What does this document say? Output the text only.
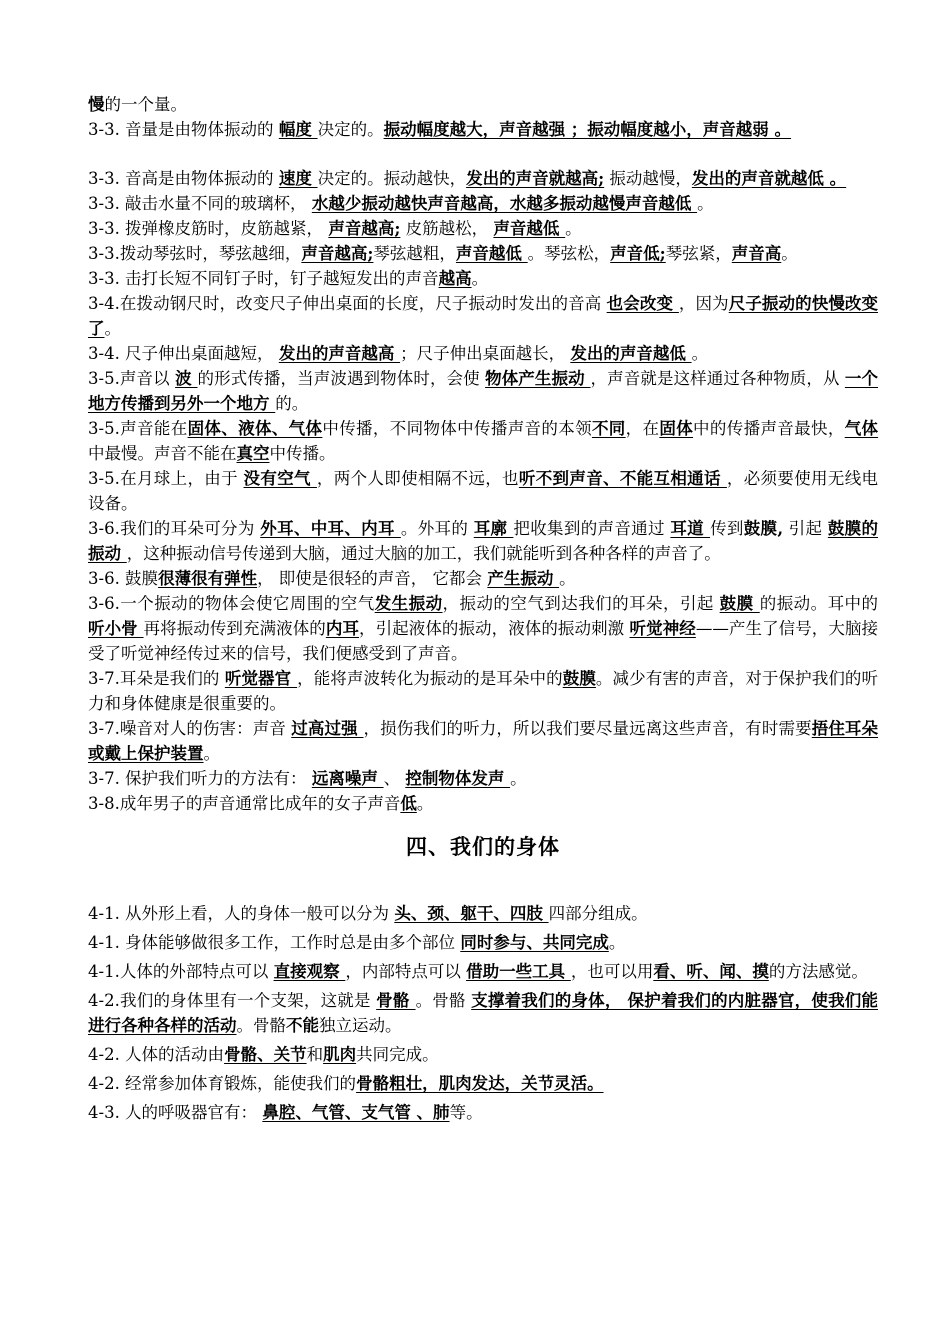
慢的一个量。

3-3. 音量是由物体振动的 幅度 决定的。振动幅度越大，声音越强 ；振动幅度越小，声音越弱 。

3-3. 音高是由物体振动的 速度 决定的。振动越快，发出的声音就越高; 振动越慢，发出的声音就越低 。

3-3. 敲击水量不同的玻璃杯， 水越少振动越快声音越高，水越多振动越慢声音越低 。

3-3. 拨弹橡皮筋时，皮筋越紧， 声音越高; 皮筋越松， 声音越低 。

3-3.拨动琴弦时，琴弦越细，声音越高;琴弦越粗，声音越低 。琴弦松，声音低;琴弦紧，声音高。

3-3. 击打长短不同钉子时，钉子越短发出的声音越高。

3-4.在拨动钢尺时，改变尺子伸出桌面的长度，尺子振动时发出的音高 也会改变 ，因为尺子振动的快慢改变了。

3-4. 尺子伸出桌面越短， 发出的声音越高 ；尺子伸出桌面越长， 发出的声音越低 。

3-5.声音以 波 的形式传播，当声波遇到物体时，会使 物体产生振动 ，声音就是这样通过各种物质，从 一个地方传播到另外一个地方 的。

3-5.声音能在固体、液体、气体中传播，不同物体中传播声音的本领不同，在固体中的传播声音最快，气体中最慢。声音不能在真空中传播。

3-5.在月球上，由于 没有空气 ，两个人即使相隔不远，也听不到声音、不能互相通话 ，必须要使用无线电设备。

3-6.我们的耳朵可分为 外耳、中耳、内耳 。外耳的 耳廓 把收集到的声音通过 耳道 传到鼓膜, 引起 鼓膜的振动 ，这种振动信号传递到大脑，通过大脑的加工，我们就能听到各种各样的声音了。

3-6. 鼓膜很薄很有弹性， 即使是很轻的声音， 它都会 产生振动 。

3-6.一个振动的物体会使它周围的空气发生振动，振动的空气到达我们的耳朵，引起 鼓膜 的振动。耳中的 听小骨 再将振动传到充满液体的内耳，引起液体的振动，液体的振动刺激 听觉神经——产生了信号，大脑接受了听觉神经传过来的信号，我们便感受到了声音。

3-7.耳朵是我们的 听觉器官 ，能将声波转化为振动的是耳朵中的鼓膜。减少有害的声音，对于保护我们的听力和身体健康是很重要的。

3-7.噪音对人的伤害：声音 过高过强 ，损伤我们的听力，所以我们要尽量远离这些声音，有时需要捂住耳朵或戴上保护装置。

3-7. 保护我们听力的方法有： 远离噪声 、 控制物体发声 。

3-8.成年男子的声音通常比成年的女子声音低。

四、我们的身体

4-1. 从外形上看，人的身体一般可以分为 头、颈、躯干、四肢 四部分组成。

4-1. 身体能够做很多工作，工作时总是由多个部位 同时参与、共同完成。

4-1.人体的外部特点可以 直接观察 ，内部特点可以 借助一些工具 ，也可以用看、听、闻、摸的方法感觉。

4-2.我们的身体里有一个支架，这就是 骨骼 。骨骼 支撑着我们的身体， 保护着我们的内脏器官，使我们能进行各种各样的活动。骨骼不能独立运动。

4-2. 人体的活动由骨骼、关节和肌肉共同完成。

4-2. 经常参加体育锻炼，能使我们的骨骼粗壮，肌肉发达，关节灵活。

4-3. 人的呼吸器官有： 鼻腔、气管、支气管 、肺等。
